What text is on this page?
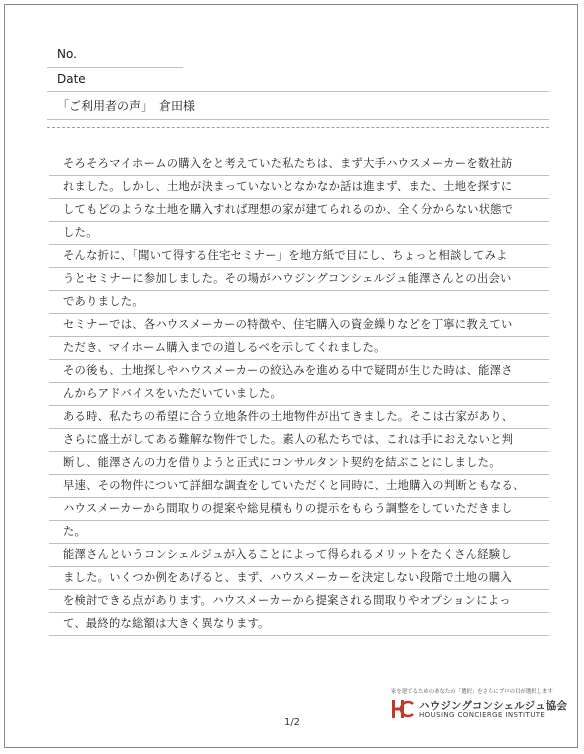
No.
Date
「ご利用者の声」　倉田様
そろそろマイホームの購入をと考えていた私たちは、まず大手ハウスメーカーを数社訪
れました。しかし、土地が決まっていないとなかなか話は進まず、また、土地を探すに
してもどのような土地を購入すれば理想の家が建てられるのか、全く分からない状態で
した。
そんな折に、「聞いて得する住宅セミナー」を地方紙で目にし、ちょっと相談してみよ
うとセミナーに参加しました。その場がハウジングコンシェルジュ能澤さんとの出会い
でありました。
セミナーでは、各ハウスメーカーの特徴や、住宅購入の資金繰りなどを丁寧に教えてい
ただき、マイホーム購入までの道しるべを示してくれました。
その後も、土地探しやハウスメーカーの絞込みを進める中で疑問が生じた時は、能澤さ
んからアドバイスをいただいていました。
ある時、私たちの希望に合う立地条件の土地物件が出てきました。そこは古家があり、
さらに盛土がしてある難解な物件でした。素人の私たちでは、これは手におえないと判
断し、能澤さんの力を借りようと正式にコンサルタント契約を結ぶことにしました。
早速、その物件について詳細な調査をしていただくと同時に、土地購入の判断ともなる、
ハウスメーカーから間取りの提案や総見積もりの提示をもらう調整をしていただきまし
た。
能澤さんというコンシェルジュが入ることによって得られるメリットをたくさん経験し
ました。いくつか例をあげると、まず、ハウスメーカーを決定しない段階で土地の購入
を検討できる点があります。ハウスメーカーから提案される間取りやオプションによっ
て、最終的な総額は大きく異なります。
1/2
家を建てるためのあなたの「選択」をさらにプロの目が選択します
ハウジングコンシェルジュ協会
HOUSING CONCIERGE INSTITUTE
